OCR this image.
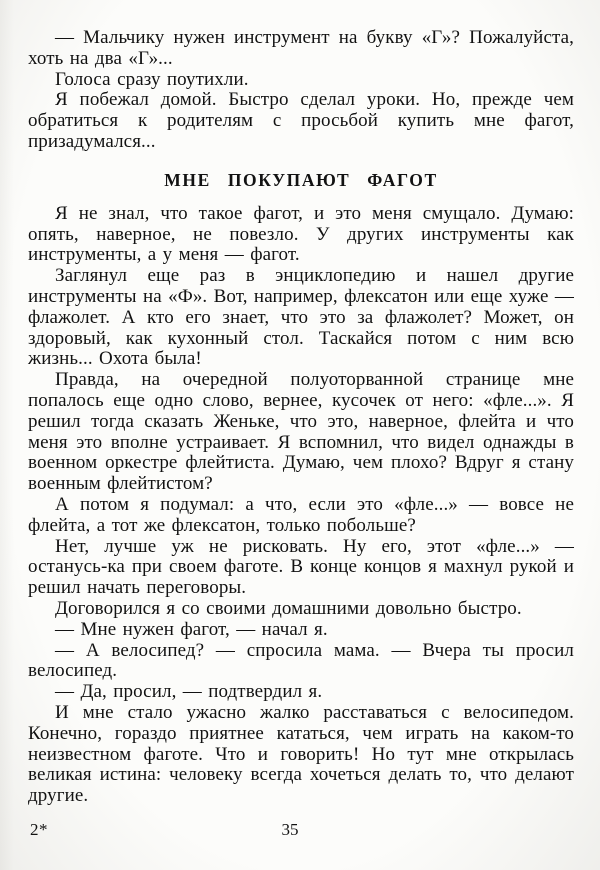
— Мальчику нужен инструмент на букву «Г»? Пожалуйста, хоть на два «Г»...

Голоса сразу поутихли.

Я побежал домой. Быстро сделал уроки. Но, прежде чем обратиться к родителям с просьбой купить мне фагот, призадумался...

МНЕ ПОКУПАЮТ ФАГОТ

Я не знал, что такое фагот, и это меня смущало. Думаю: опять, наверное, не повезло. У других инструменты как инструменты, а у меня — фагот.

Заглянул еще раз в энциклопедию и нашел другие инструменты на «Ф». Вот, например, флексатон или еще хуже — флажолет. А кто его знает, что это за флажолет? Может, он здоровый, как кухонный стол. Таскайся потом с ним всю жизнь... Охота была!

Правда, на очередной полуоторванной странице мне попалось еще одно слово, вернее, кусочек от него: «фле...». Я решил тогда сказать Женьке, что это, наверное, флейта и что меня это вполне устраивает. Я вспомнил, что видел однажды в военном оркестре флейтиста. Думаю, чем плохо? Вдруг я стану военным флейтистом?

А потом я подумал: а что, если это «фле...» — вовсе не флейта, а тот же флексатон, только побольше?

Нет, лучше уж не рисковать. Ну его, этот «фле...» — останусь-ка при своем фаготе. В конце концов я махнул рукой и решил начать переговоры.

Договорился я со своими домашними довольно быстро.

— Мне нужен фагот, — начал я.

— А велосипед? — спросила мама. — Вчера ты просил велосипед.

— Да, просил, — подтвердил я.

И мне стало ужасно жалко расставаться с велосипедом. Конечно, гораздо приятнее кататься, чем играть на каком-то неизвестном фаготе. Что и говорить! Но тут мне открылась великая истина: человеку всегда хочеться делать то, что делают другие.

2*	35
